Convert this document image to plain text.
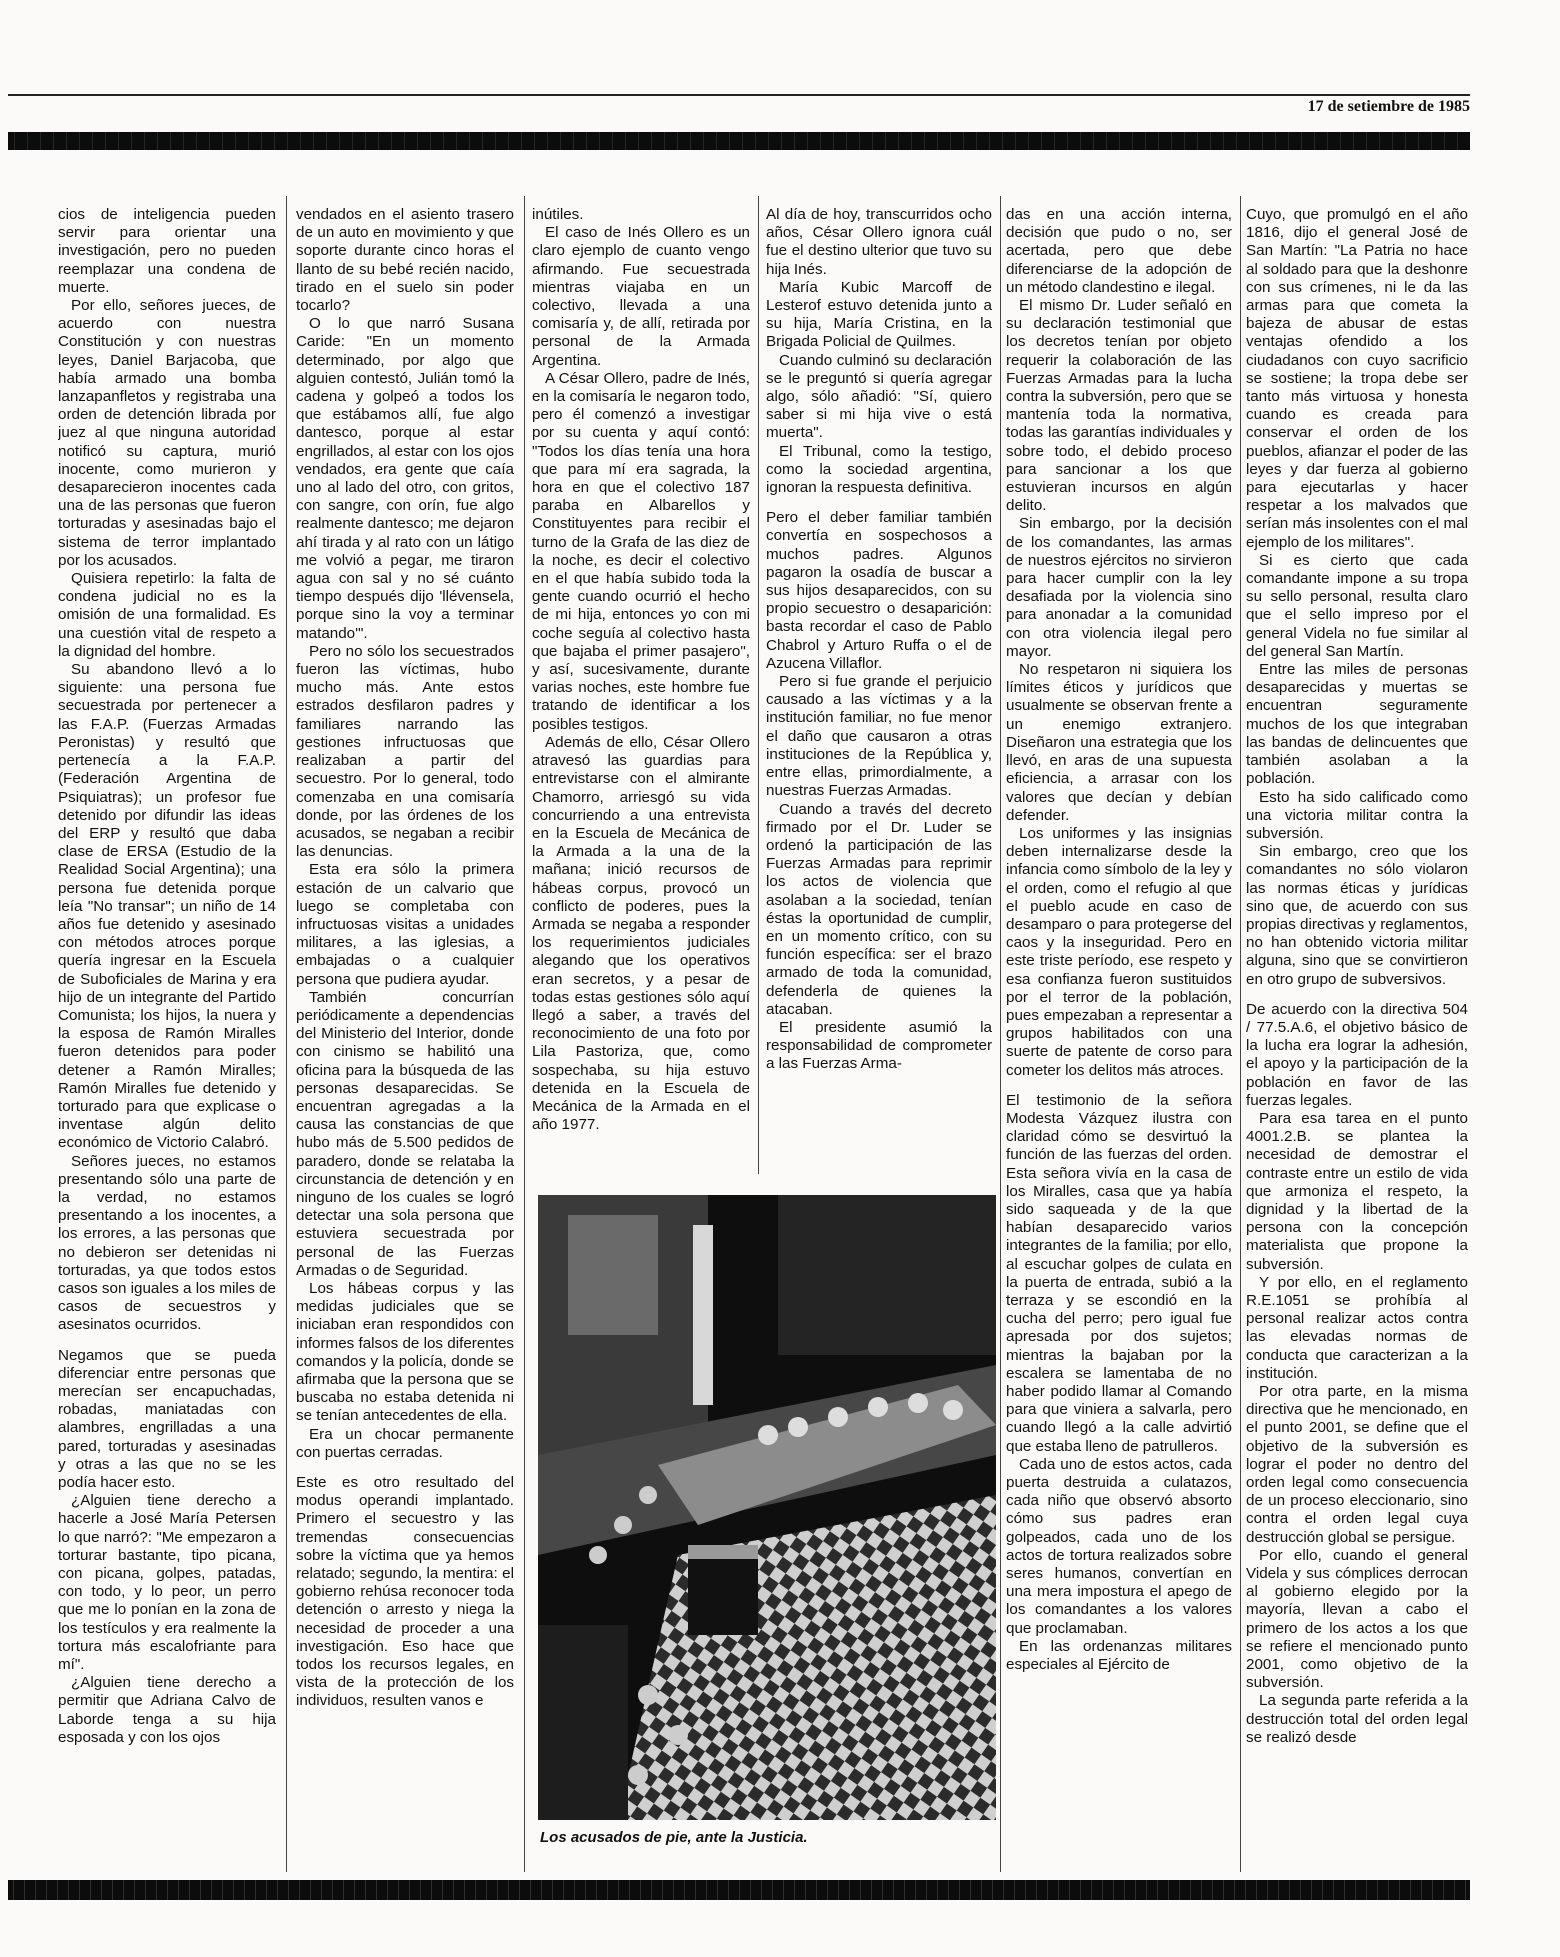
17 de setiembre de 1985

cios de inteligencia pueden servir para orientar una investigación, pero no pueden reemplazar una condena de muerte.

Por ello, señores jueces, de acuerdo con nuestra Constitución y con nuestras leyes, Daniel Barjacoba, que había armado una bomba lanzapanfletos y registraba una orden de detención librada por juez al que ninguna autoridad notificó su captura, murió inocente, como murieron y desaparecieron inocentes cada una de las personas que fueron torturadas y asesinadas bajo el sistema de terror implantado por los acusados.

Quisiera repetirlo: la falta de condena judicial no es la omisión de una formalidad. Es una cuestión vital de respeto a la dignidad del hombre.

Su abandono llevó a lo siguiente: una persona fue secuestrada por pertenecer a las F.A.P. (Fuerzas Armadas Peronistas) y resultó que pertenecía a la F.A.P. (Federación Argentina de Psiquiatras); un profesor fue detenido por difundir las ideas del ERP y resultó que daba clase de ERSA (Estudio de la Realidad Social Argentina); una persona fue detenida porque leía "No transar"; un niño de 14 años fue detenido y asesinado con métodos atroces porque quería ingresar en la Escuela de Suboficiales de Marina y era hijo de un integrante del Partido Comunista; los hijos, la nuera y la esposa de Ramón Miralles fueron detenidos para poder detener a Ramón Miralles; Ramón Miralles fue detenido y torturado para que explicase o inventase algún delito económico de Victorio Calabró.

Señores jueces, no estamos presentando sólo una parte de la verdad, no estamos presentando a los inocentes, a los errores, a las personas que no debieron ser detenidas ni torturadas, ya que todos estos casos son iguales a los miles de casos de secuestros y asesinatos ocurridos.

Negamos que se pueda diferenciar entre personas que merecían ser encapuchadas, robadas, maniatadas con alambres, engrilladas a una pared, torturadas y asesinadas y otras a las que no se les podía hacer esto.

¿Alguien tiene derecho a hacerle a José María Petersen lo que narró?: "Me empezaron a torturar bastante, tipo picana, con picana, golpes, patadas, con todo, y lo peor, un perro que me lo ponían en la zona de los testículos y era realmente la tortura más escalofriante para mí".

¿Alguien tiene derecho a permitir que Adriana Calvo de Laborde tenga a su hija esposada y con los ojos

vendados en el asiento trasero de un auto en movimiento y que soporte durante cinco horas el llanto de su bebé recién nacido, tirado en el suelo sin poder tocarlo?

O lo que narró Susana Caride: "En un momento determinado, por algo que alguien contestó, Julián tomó la cadena y golpeó a todos los que estábamos allí, fue algo dantesco, porque al estar engrillados, al estar con los ojos vendados, era gente que caía uno al lado del otro, con gritos, con sangre, con orín, fue algo realmente dantesco; me dejaron ahí tirada y al rato con un látigo me volvió a pegar, me tiraron agua con sal y no sé cuánto tiempo después dijo 'llévensela, porque sino la voy a terminar matando'".

Pero no sólo los secuestrados fueron las víctimas, hubo mucho más. Ante estos estrados desfilaron padres y familiares narrando las gestiones infructuosas que realizaban a partir del secuestro. Por lo general, todo comenzaba en una comisaría donde, por las órdenes de los acusados, se negaban a recibir las denuncias.

Esta era sólo la primera estación de un calvario que luego se completaba con infructuosas visitas a unidades militares, a las iglesias, a embajadas o a cualquier persona que pudiera ayudar.

También concurrían periódicamente a dependencias del Ministerio del Interior, donde con cinismo se habilitó una oficina para la búsqueda de las personas desaparecidas. Se encuentran agregadas a la causa las constancias de que hubo más de 5.500 pedidos de paradero, donde se relataba la circunstancia de detención y en ninguno de los cuales se logró detectar una sola persona que estuviera secuestrada por personal de las Fuerzas Armadas o de Seguridad.

Los hábeas corpus y las medidas judiciales que se iniciaban eran respondidos con informes falsos de los diferentes comandos y la policía, donde se afirmaba que la persona que se buscaba no estaba detenida ni se tenían antecedentes de ella.

Era un chocar permanente con puertas cerradas.

Este es otro resultado del modus operandi implantado. Primero el secuestro y las tremendas consecuencias sobre la víctima que ya hemos relatado; segundo, la mentira: el gobierno rehúsa reconocer toda detención o arresto y niega la necesidad de proceder a una investigación. Eso hace que todos los recursos legales, en vista de la protección de los individuos, resulten vanos e

inútiles.

El caso de Inés Ollero es un claro ejemplo de cuanto vengo afirmando. Fue secuestrada mientras viajaba en un colectivo, llevada a una comisaría y, de allí, retirada por personal de la Armada Argentina.

A César Ollero, padre de Inés, en la comisaría le negaron todo, pero él comenzó a investigar por su cuenta y aquí contó: "Todos los días tenía una hora que para mí era sagrada, la hora en que el colectivo 187 paraba en Albarellos y Constituyentes para recibir el turno de la Grafa de las diez de la noche, es decir el colectivo en el que había subido toda la gente cuando ocurrió el hecho de mi hija, entonces yo con mi coche seguía al colectivo hasta que bajaba el primer pasajero", y así, sucesivamente, durante varias noches, este hombre fue tratando de identificar a los posibles testigos.

Además de ello, César Ollero atravesó las guardias para entrevistarse con el almirante Chamorro, arriesgó su vida concurriendo a una entrevista en la Escuela de Mecánica de la Armada a la una de la mañana; inició recursos de hábeas corpus, provocó un conflicto de poderes, pues la Armada se negaba a responder los requerimientos judiciales alegando que los operativos eran secretos, y a pesar de todas estas gestiones sólo aquí llegó a saber, a través del reconocimiento de una foto por Lila Pastoriza, que, como sospechaba, su hija estuvo detenida en la Escuela de Mecánica de la Armada en el año 1977.

Al día de hoy, transcurridos ocho años, César Ollero ignora cuál fue el destino ulterior que tuvo su hija Inés.

María Kubic Marcoff de Lesterof estuvo detenida junto a su hija, María Cristina, en la Brigada Policial de Quilmes.

Cuando culminó su declaración se le preguntó si quería agregar algo, sólo añadió: "Sí, quiero saber si mi hija vive o está muerta".

El Tribunal, como la testigo, como la sociedad argentina, ignoran la respuesta definitiva.

Pero el deber familiar también convertía en sospechosos a muchos padres. Algunos pagaron la osadía de buscar a sus hijos desaparecidos, con su propio secuestro o desaparición: basta recordar el caso de Pablo Chabrol y Arturo Ruffa o el de Azucena Villaflor.

Pero si fue grande el perjuicio causado a las víctimas y a la institución familiar, no fue menor el daño que causaron a otras instituciones de la República y, entre ellas, primordialmente, a nuestras Fuerzas Armadas.

Cuando a través del decreto firmado por el Dr. Luder se ordenó la participación de las Fuerzas Armadas para reprimir los actos de violencia que asolaban a la sociedad, tenían éstas la oportunidad de cumplir, en un momento crítico, con su función específica: ser el brazo armado de toda la comunidad, defenderla de quienes la atacaban.

El presidente asumió la responsabilidad de comprometer a las Fuerzas Arma-

das en una acción interna, decisión que pudo o no, ser acertada, pero que debe diferenciarse de la adopción de un método clandestino e ilegal.

El mismo Dr. Luder señaló en su declaración testimonial que los decretos tenían por objeto requerir la colaboración de las Fuerzas Armadas para la lucha contra la subversión, pero que se mantenía toda la normativa, todas las garantías individuales y sobre todo, el debido proceso para sancionar a los que estuvieran incursos en algún delito.

Sin embargo, por la decisión de los comandantes, las armas de nuestros ejércitos no sirvieron para hacer cumplir con la ley desafiada por la violencia sino para anonadar a la comunidad con otra violencia ilegal pero mayor.

No respetaron ni siquiera los límites éticos y jurídicos que usualmente se observan frente a un enemigo extranjero. Diseñaron una estrategia que los llevó, en aras de una supuesta eficiencia, a arrasar con los valores que decían y debían defender.

Los uniformes y las insignias deben internalizarse desde la infancia como símbolo de la ley y el orden, como el refugio al que el pueblo acude en caso de desamparo o para protegerse del caos y la inseguridad. Pero en este triste período, ese respeto y esa confianza fueron sustituidos por el terror de la población, pues empezaban a representar a grupos habilitados con una suerte de patente de corso para cometer los delitos más atroces.

El testimonio de la señora Modesta Vázquez ilustra con claridad cómo se desvirtuó la función de las fuerzas del orden. Esta señora vivía en la casa de los Miralles, casa que ya había sido saqueada y de la que habían desaparecido varios integrantes de la familia; por ello, al escuchar golpes de culata en la puerta de entrada, subió a la terraza y se escondió en la cucha del perro; pero igual fue apresada por dos sujetos; mientras la bajaban por la escalera se lamentaba de no haber podido llamar al Comando para que viniera a salvarla, pero cuando llegó a la calle advirtió que estaba lleno de patrulleros.

Cada uno de estos actos, cada puerta destruida a culatazos, cada niño que observó absorto cómo sus padres eran golpeados, cada uno de los actos de tortura realizados sobre seres humanos, convertían en una mera impostura el apego de los comandantes a los valores que proclamaban.

En las ordenanzas militares especiales al Ejército de

Cuyo, que promulgó en el año 1816, dijo el general José de San Martín: "La Patria no hace al soldado para que la deshonre con sus crímenes, ni le da las armas para que cometa la bajeza de abusar de estas ventajas ofendido a los ciudadanos con cuyo sacrificio se sostiene; la tropa debe ser tanto más virtuosa y honesta cuando es creada para conservar el orden de los pueblos, afianzar el poder de las leyes y dar fuerza al gobierno para ejecutarlas y hacer respetar a los malvados que serían más insolentes con el mal ejemplo de los militares".

Si es cierto que cada comandante impone a su tropa su sello personal, resulta claro que el sello impreso por el general Videla no fue similar al del general San Martín.

Entre las miles de personas desaparecidas y muertas se encuentran seguramente muchos de los que integraban las bandas de delincuentes que también asolaban a la población.

Esto ha sido calificado como una victoria militar contra la subversión.

Sin embargo, creo que los comandantes no sólo violaron las normas éticas y jurídicas sino que, de acuerdo con sus propias directivas y reglamentos, no han obtenido victoria militar alguna, sino que se convirtieron en otro grupo de subversivos.

De acuerdo con la directiva 504 / 77.5.A.6, el objetivo básico de la lucha era lograr la adhesión, el apoyo y la participación de la población en favor de las fuerzas legales.

Para esa tarea en el punto 4001.2.B. se plantea la necesidad de demostrar el contraste entre un estilo de vida que armoniza el respeto, la dignidad y la libertad de la persona con la concepción materialista que propone la subversión.

Y por ello, en el reglamento R.E.1051 se prohíbía al personal realizar actos contra las elevadas normas de conducta que caracterizan a la institución.

Por otra parte, en la misma directiva que he mencionado, en el punto 2001, se define que el objetivo de la subversión es lograr el poder no dentro del orden legal como consecuencia de un proceso eleccionario, sino contra el orden legal cuya destrucción global se persigue.

Por ello, cuando el general Videla y sus cómplices derrocan al gobierno elegido por la mayoría, llevan a cabo el primero de los actos a los que se refiere el mencionado punto 2001, como objetivo de la subversión.

La segunda parte referida a la destrucción total del orden legal se realizó desde

Los acusados de pie, ante la Justicia.
